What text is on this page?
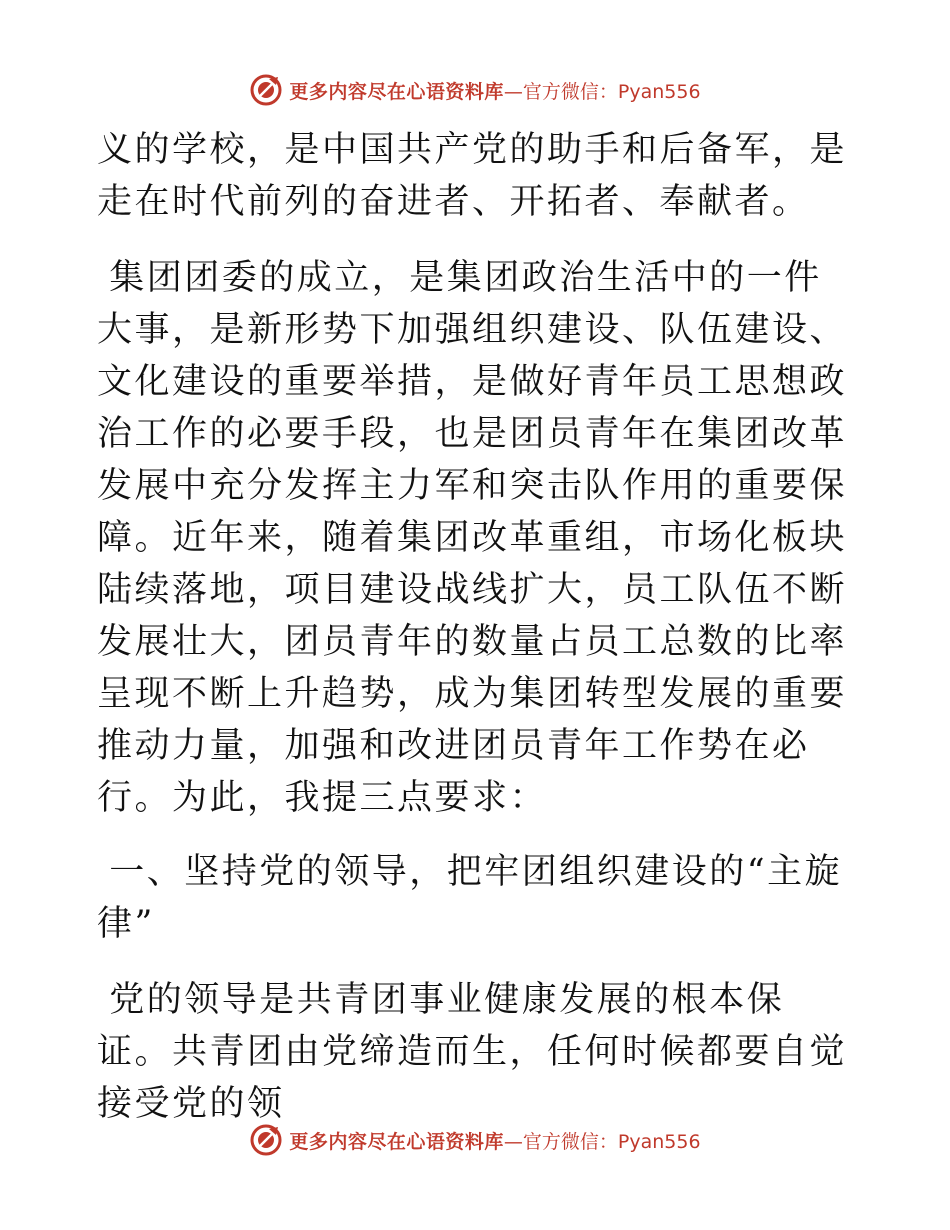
更多内容尽在心语资料库 —官方微信：Pyan556

义的学校，是中国共产党的助手和后备军，是走在时代前列的奋进者、开拓者、奉献者。

集团团委的成立，是集团政治生活中的一件大事，是新形势下加强组织建设、队伍建设、文化建设的重要举措，是做好青年员工思想政治工作的必要手段，也是团员青年在集团改革发展中充分发挥主力军和突击队作用的重要保障。近年来，随着集团改革重组，市场化板块陆续落地，项目建设战线扩大，员工队伍不断发展壮大，团员青年的数量占员工总数的比率呈现不断上升趋势，成为集团转型发展的重要推动力量，加强和改进团员青年工作势在必行。为此，我提三点要求：

一、坚持党的领导，把牢团组织建设的“主旋律”

党的领导是共青团事业健康发展的根本保证。共青团由党缔造而生，任何时候都要自觉接受党的领

更多内容尽在心语资料库 —官方微信：Pyan556
